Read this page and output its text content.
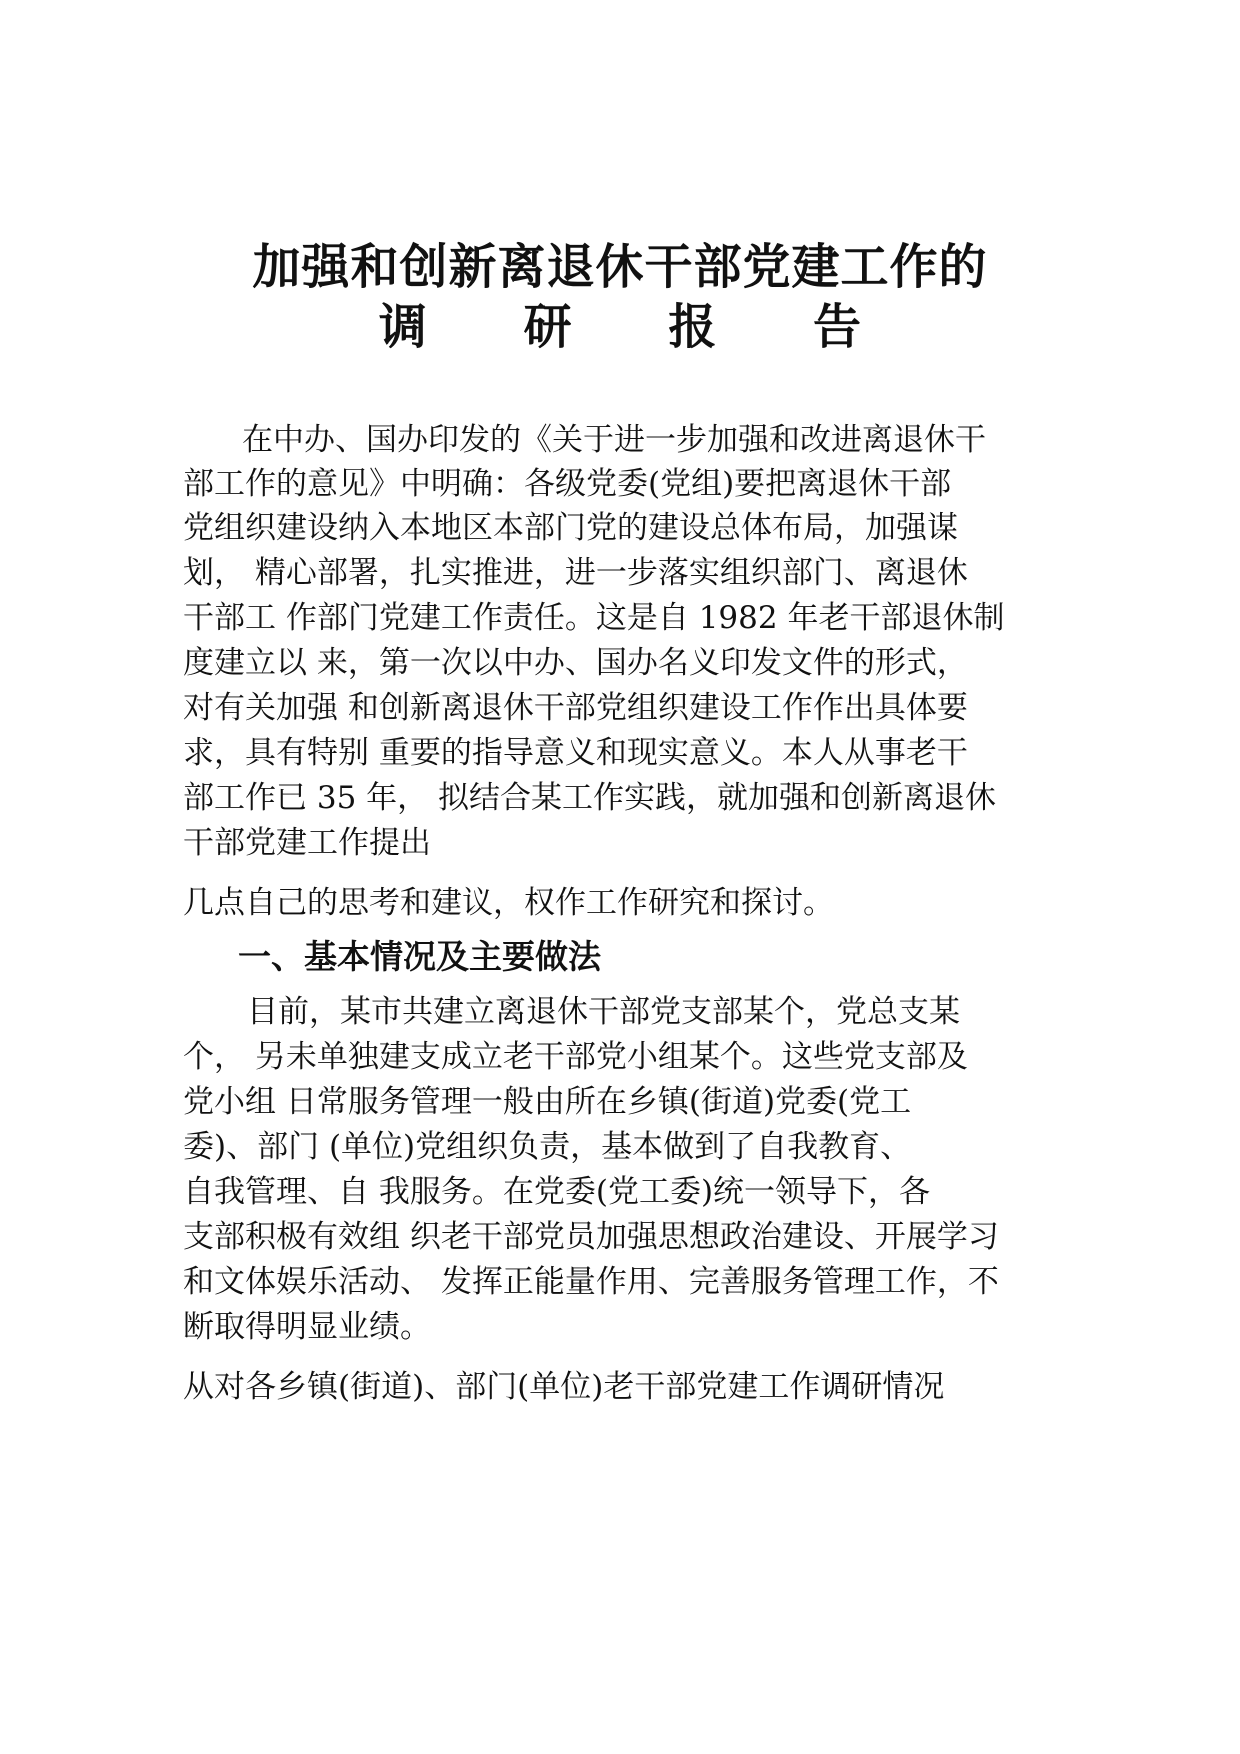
加强和创新离退休干部党建工作的
调 研 报 告
在中办、国办印发的《关于进一步加强和改进离退休干
部工作的意见》中明确：各级党委(党组)要把离退休干部
党组织建设纳入本地区本部门党的建设总体布局，加强谋
划， 精心部署，扎实推进，进一步落实组织部门、离退休
干部工 作部门党建工作责任。这是自 1982 年老干部退休制
度建立以 来，第一次以中办、国办名义印发文件的形式，
对有关加强 和创新离退休干部党组织建设工作作出具体要
求，具有特别 重要的指导意义和现实意义。本人从事老干
部工作已 35 年， 拟结合某工作实践，就加强和创新离退休
干部党建工作提出
几点自己的思考和建议，权作工作研究和探讨。
一、基本情况及主要做法
目前，某市共建立离退休干部党支部某个，党总支某
个， 另未单独建支成立老干部党小组某个。这些党支部及
党小组 日常服务管理一般由所在乡镇(街道)党委(党工
委)、部门 (单位)党组织负责，基本做到了自我教育、
自我管理、自 我服务。在党委(党工委)统一领导下，各
支部积极有效组 织老干部党员加强思想政治建设、开展学习
和文体娱乐活动、 发挥正能量作用、完善服务管理工作，不
断取得明显业绩。
从对各乡镇(街道)、部门(单位)老干部党建工作调研情况
